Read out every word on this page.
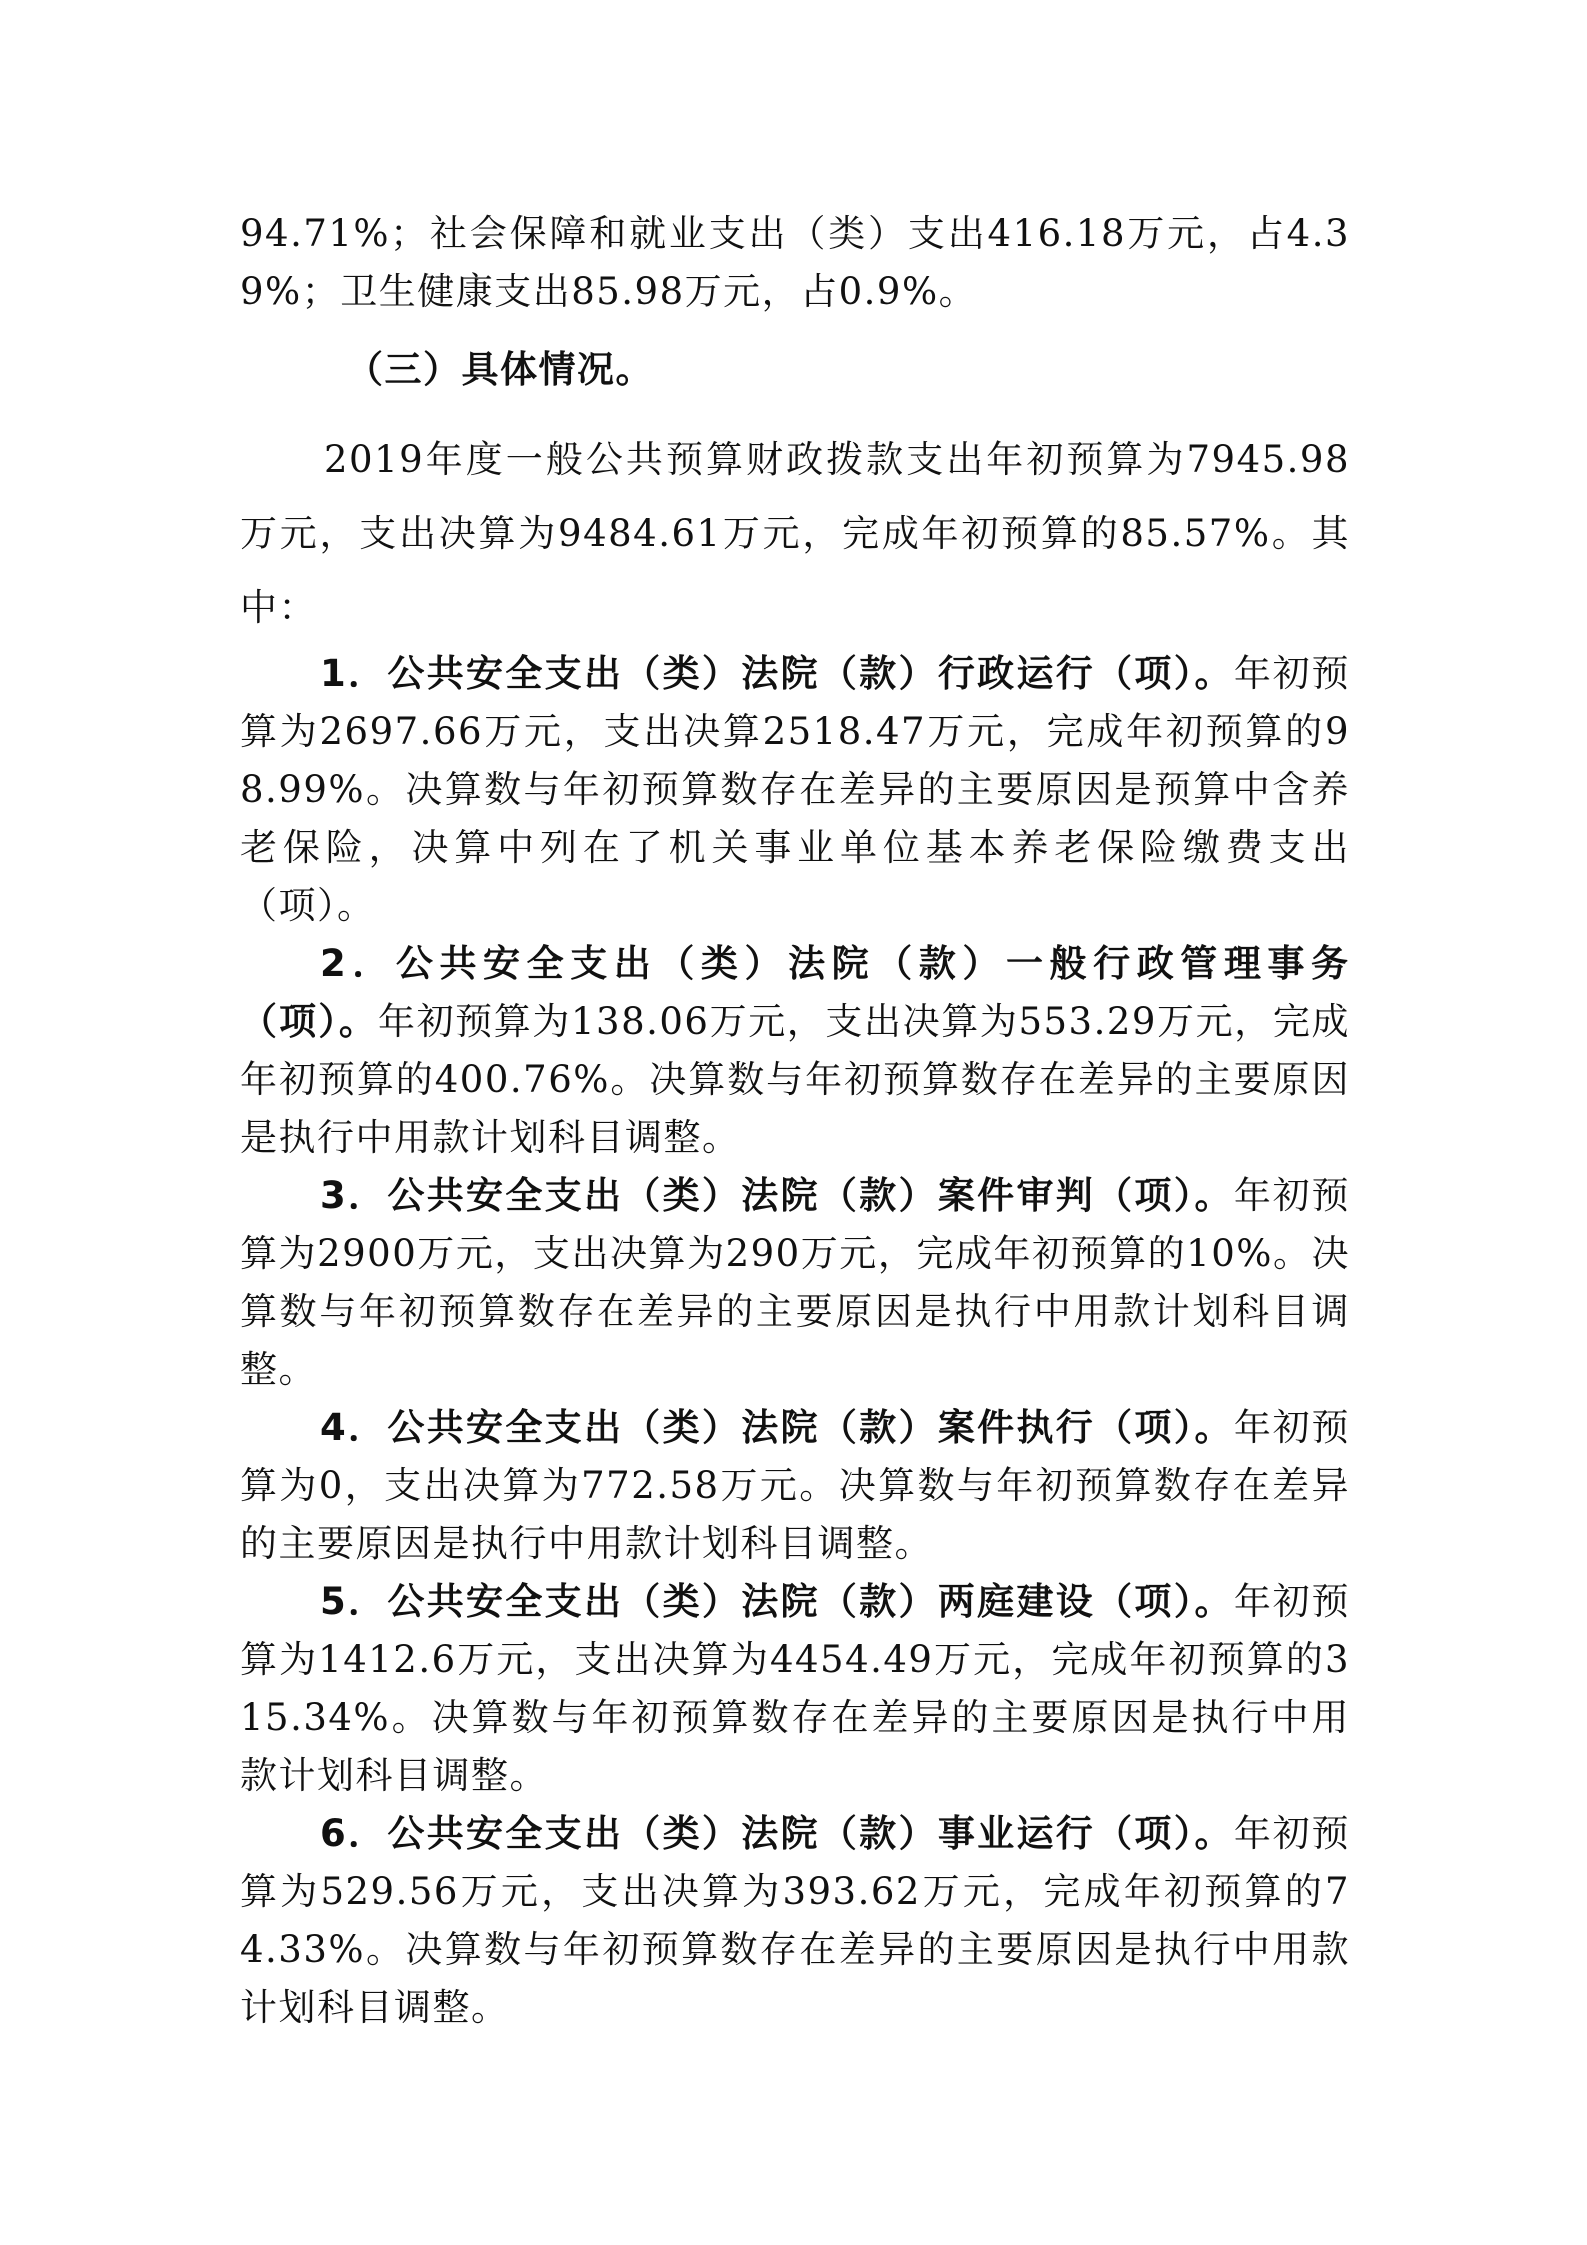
94.71%；社会保障和就业支出（类）支出416.18万元，占4.39%；卫生健康支出85.98万元，占0.9%。

（三）具体情况。

2019年度一般公共预算财政拨款支出年初预算为7945.98万元，支出决算为9484.61万元，完成年初预算的85.57%。其中：

1．公共安全支出（类）法院（款）行政运行（项）。年初预算为2697.66万元，支出决算2518.47万元，完成年初预算的98.99%。决算数与年初预算数存在差异的主要原因是预算中含养老保险，决算中列在了机关事业单位基本养老保险缴费支出（项）。

2．公共安全支出（类）法院（款）一般行政管理事务（项）。年初预算为138.06万元，支出决算为553.29万元，完成年初预算的400.76%。决算数与年初预算数存在差异的主要原因是执行中用款计划科目调整。

3．公共安全支出（类）法院（款）案件审判（项）。年初预算为2900万元，支出决算为290万元，完成年初预算的10%。决算数与年初预算数存在差异的主要原因是执行中用款计划科目调整。

4．公共安全支出（类）法院（款）案件执行（项）。年初预算为0，支出决算为772.58万元。决算数与年初预算数存在差异的主要原因是执行中用款计划科目调整。

5．公共安全支出（类）法院（款）两庭建设（项）。年初预算为1412.6万元，支出决算为4454.49万元，完成年初预算的315.34%。决算数与年初预算数存在差异的主要原因是执行中用款计划科目调整。

6．公共安全支出（类）法院（款）事业运行（项）。年初预算为529.56万元，支出决算为393.62万元，完成年初预算的74.33%。决算数与年初预算数存在差异的主要原因是执行中用款计划科目调整。
